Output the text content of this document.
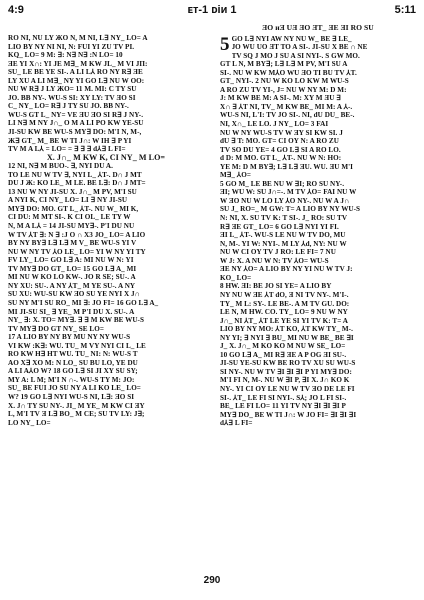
4:9	ᴇᴛ-1 ᴅiᴎ 1	5:11
RO NI, NU LY ЖO N, M NI, L∃ NY_ LO= A
LIO BY NY NI NI, N: FUI YI ZU TV PI.
KQ_ LO= 9 M: ∃: N∃ N∃ :N LO= 10
ƎE YI X∩: YI JE M∃_ M KW JL_ M VI JΠ:
SU_ LE BE YE SI-. A LI L⅄ RO NY R∃ ƎE
LY XU A LI M∃_ NY YI GO L∃ NU W ΟΟ:
NU W R∃ J LY ЖO= 11 M. MI: C TY SU
JO. BB NY-. WU-S SI: XY LY: TV ƎO SI
C_ NY_ LO= R∃ J TY SU JO. BB NY-.
WU-S GT L_ NY= VE ƎU ƎO SI R∃ J NY-.
LI N∃ M NY J∩_ O M A LI PO KW YE-SU
JI-SU KW BE WU-S MY∃ DO: M'I N, M-,
Ж∃ GT_ M_ BE W TI J∩: W IH ∃ P YI
TV M A L⅄ = LO= = ∃ ∃ ∃ d⅄∃ L FI=
X. J∩_ M KW K, CI NY_ M LO=
12 NI, N∃ M BUO-. ∃, NYI DU A.
TO LE NU W TV ∃, NYI L_ ⅄T-. D∩ J MT
DU J Ж: KO LE_ M LE. BE L∃: D∩ J MT=
13 NU W NY JI-SU X. J∩_ M PV, M'I SU
A NYI K, CI NY_ LO= LI ∃ NY JI-SU
MY∃ DO: MO. GT L_ ⅄T-. NU W_ MI K,
CI DU: M MT SI-. K CI OL_ LE TY W
N, M A L⅄ = 14 JI-SU MY∃-. P'I DU NU
W TV ⅄T ∃: N ∃ :J O ∩ X3 JO_ LO= A LIO
BY NY BY∃ L∃ L∃ M V_ BE WU-S YI V
NU W NY TV ⅄O LE_ LO= YI W NY YI TY
FV LY_ LO= GO L∃ A: MI NU W N: YI
TV MY∃ DO GT_ LO= 15 GO L∃ A_ MI
MI NU W KO LO KW-. JO R SE; SU-. A
NY XU: SU-. A NY ⅄T_ M YE SU-. A NY
SU XU: WU-SU KW ƎO SU YE NYI X J∩
SU NY M'I SU RO_ MI ∃: JO FI= 16 GO L∃ A_
MI JI-SU SI_ ∃ YE_ M P'I DU X. SU-. A
NY_ ∃: X. TO= MY∃. ∃ ∃ M KW BE WU-S
TV MY∃ DO GT NY_ SE LO=
17 A LIO BY NY BY MU NY NY WU-S
VI KW :K∃: WU. TU_ M VY NYI CI L_ LE
RO KW H∃ HT WU. TU_ NI: N: WU-S T
AO X∃ XO M: N LO_ SU BU LO, YE DU
A LI A⅄O W? 18 GO L∃ SI JI XY SU SY;
MY A: L M; M'I N ∩-. WU-S TY M: JO:
SU_ BE FUI JO SU NY A LI KO LE_ LO=
W? 19 GO L∃ NYI WU-S NI, L∃: ƎO SI
X. J∩ TY SU NY-. JI_ M YE_ M KW CI ƎY
L, M'I TV Ǝ L∃ BO_ M CE; SU TV LY: J∃;
LO NY_ LO=
ƎO ᴎƎ UƎ ƎO ƎT_ ƎE ƎI RO SU
5 GO L∃ NYI AW NY NU W_ BE ∃ LE_
JO WU UO ƎT TO A SI-. JI-SU X BE ∩ NE
TV SQ J MO J SU A SI NYI-. S GW MO.
GT L N, M BY∃; L∃ L∃ M PV, M'I SU A
SI-. NU W KW M⅄O WU ƎO TI BU TV ⅄T.
GT_ NYI-. 2 NU W KO LO KW M WU-S
A RO ZU TV YI-, J= NU W NY M: D M:
J: M KW BE M: A SI-. M: XY M ƎU ∃
X∩ ∃ ⅄T NI, TV_ M KW BE_ MI M: A ⅄-.
WU-S NI, L'I: TV JO SI-. NI, dU DU_ BE-.
NI, X∩_ LE LO. J NY_ LO= 3 FAI
NU W NY WU-S TV W ƎY SI KW SI. J
dU ∃ T: MO. GT= CI OY N: A RO ZU
TV SO DU YE= 4 GO L∃ SI A RO LO.
d D: M MO. GT L_ ⅄T-. NU W N: HO:
YE M: D M BY∃; L∃ L∃ ƎU. WU. ƎU M'I
M∃_ ⅄O=
5 GO M_ LE BE NU W ∃I; RO SU NY-.
ƎI; WU W: SU J∩=-. M TV ⅄O= FAI NU W
W ƎO NU W LO LY ⅄O NY-. NU W A J∩
SU J_ RO=_ M GW: T= A LIO BY NY WU-S
N: NI, X. SU TV K: T SI-. J_ RO: SU TV
R∃ ƎE GT_ LO= 6 GO L∃ NYI YI FI.
ƎI L_ ⅄T-. WU-S LE NU W TV DO, MU
N, M-. YI W: NYI-. M LY ⅄d, NY: NU W
NU W CI OY TV J RO: LE FI= 7 NU
W J: X. A NU W N: TV ⅄O= WU-S
ƎE NY ⅄O= A LIO BY NY YI NU W TV J:
KO_ LO=
8 HW. ƎI: BE JO SI YE= A LIO BY
NY NU W ƎE ⅄T dO, Ǝ NI TV NY-. M'I-.
TY_ M L: SY-. LE BE-. A M TV GU. DO:
LE N, M HW. CO. TY_ LO= 9 NU W NY
J∩_ NI ⅄T_ ⅄T LE YE SI YI TV K: T= A
LIO BY NY MO: ⅄T KO, ⅄T KW TY_ M-.
NY YI; ∃ NYI ∃ BU_ MI NU W BE_ BE ∃I
J_ X. J∩_ M KO KO M NU W SE_ LO=
10 GO L∃ A_ MI R∃ ƎE A P OG ƎI SU-.
JI-SU YE-SU KW BE RO TV XU SU WU-S
SI NY-. NU W TV ∃I ∃I ∃I P YI MY∃ DO:
M'I FI N, M-. NU W ∃I P, ∃I X. J∩ KO K
NY-. YI CI OY LE NU W TV ƎO DE LE FI
SI-. ⅄T_ LE FI SI NYI-. S⅄; JO L FI SI-.
BE_ LE FI LO= 11 YI TV NY ∃I ∃I ∃I P
MY∃ DO_ BE W TI J∩: W JO FI= ∃I ∃I ∃I
d⅄∃ L FI=
290
